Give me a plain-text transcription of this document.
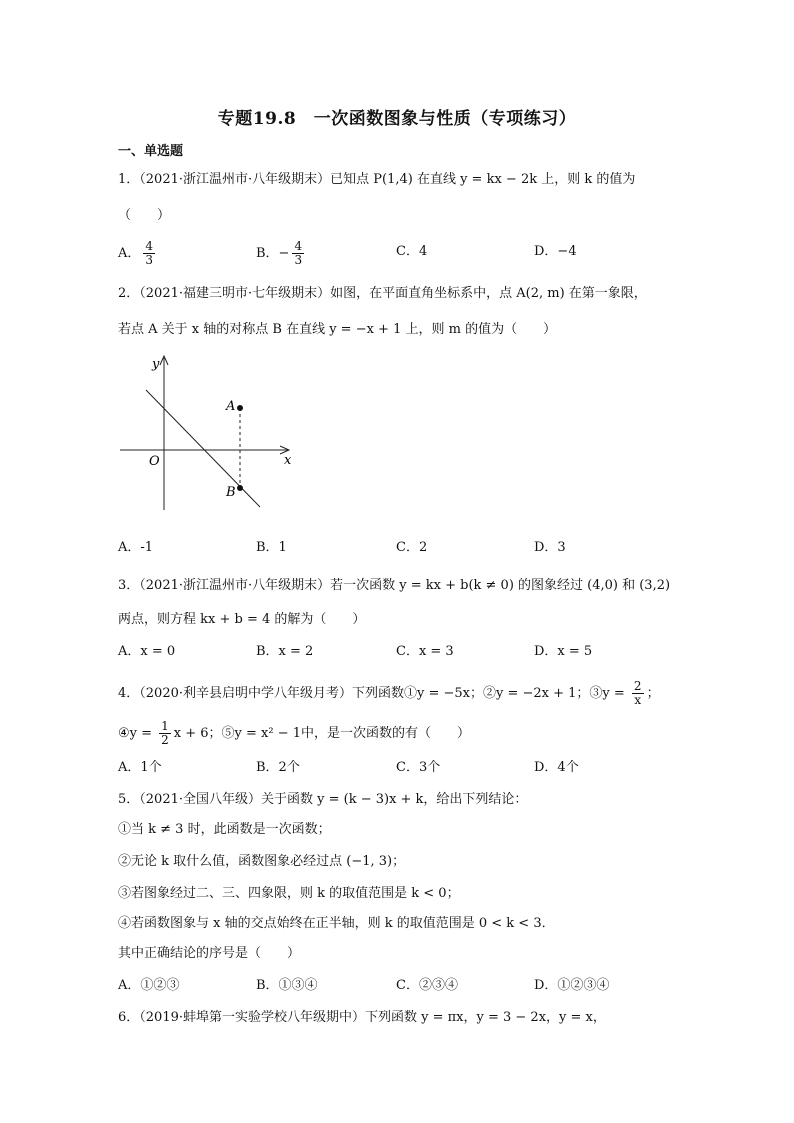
专题19.8　一次函数图象与性质（专项练习）
一、单选题
1．（2021·浙江温州市·八年级期末）已知点 P(1,4) 在直线 y = kx − 2k 上，则 k 的值为
（　　）
A． $\frac{4}{3}$	B．− $\frac{4}{3}$	C．4	D．−4
2．（2021·福建三明市·七年级期末）如图，在平面直角坐标系中，点 A(2, m) 在第一象限，
若点 A 关于 x 轴的对称点 B 在直线 y = −x + 1 上，则 m 的值为（　　）
y
x
O
A
B
A．-1	B．1	C．2	D．3
3．（2021·浙江温州市·八年级期末）若一次函数 y = kx + b(k ≠ 0) 的图象经过 (4,0) 和 (3,2)
两点，则方程 kx + b = 4 的解为（　　）
A．x = 0	B．x = 2	C．x = 3	D．x = 5
4．（2020·利辛县启明中学八年级月考）下列函数①y = −5x；②y = −2x + 1；③y = $\frac{2}{x}$ ；
④y = $\frac{1}{2}$ x + 6；⑤y = x² − 1中，是一次函数的有（　　）
A．1个	B．2个	C．3个	D．4个
5．（2021·全国八年级）关于函数 y = (k − 3)x + k，给出下列结论：
①当 k ≠ 3 时，此函数是一次函数；
②无论 k 取什么值，函数图象必经过点 (−1, 3)；
③若图象经过二、三、四象限，则 k 的取值范围是 k < 0；
④若函数图象与 x 轴的交点始终在正半轴，则 k 的取值范围是 0 < k < 3．
其中正确结论的序号是（　　）
A．①②③	B．①③④	C．②③④	D．①②③④
6．（2019·蚌埠第一实验学校八年级期中）下列函数 y = πx，y = 3 − 2x，y = x，
